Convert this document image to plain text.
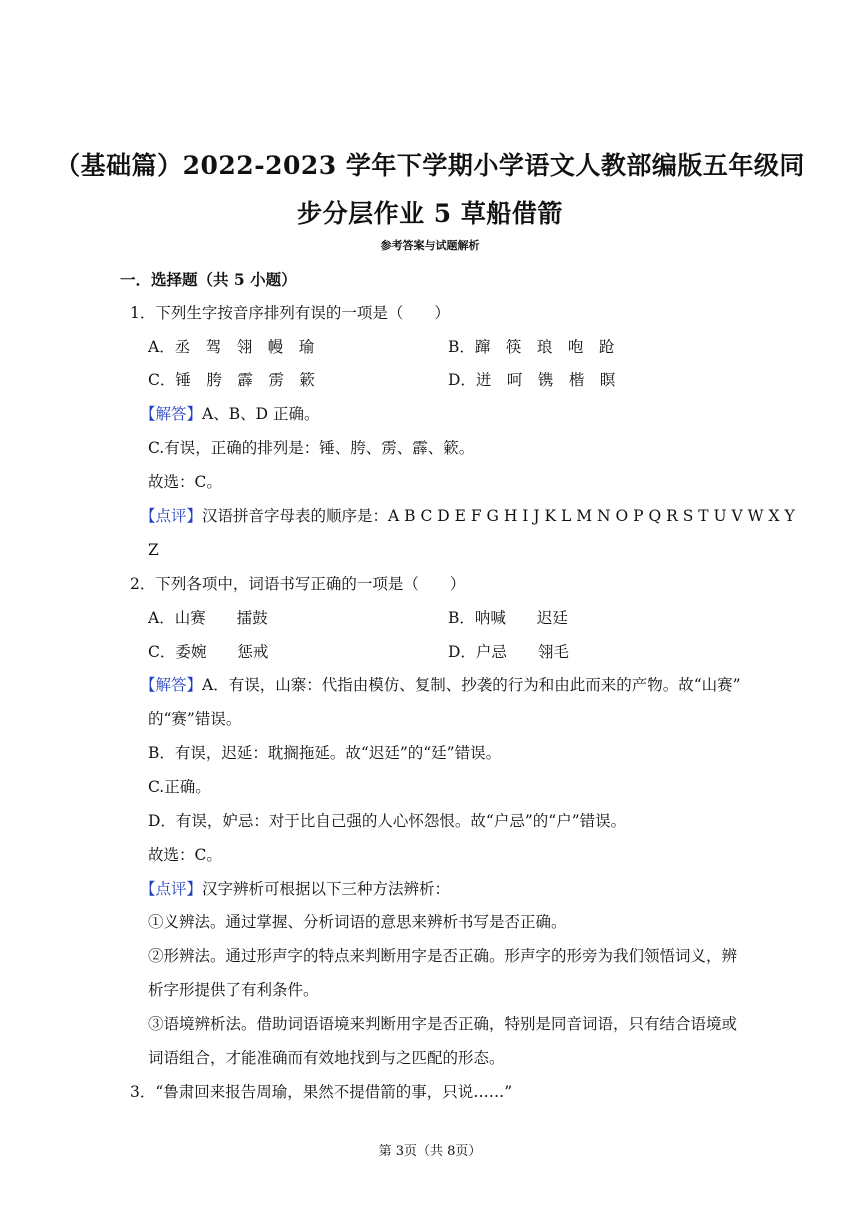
（基础篇）2022-2023 学年下学期小学语文人教部编版五年级同
步分层作业 5 草船借箭
参考答案与试题解析
一．选择题（共 5 小题）
1．下列生字按音序排列有误的一项是（　　）
A．丞　驾　翎　幔　瑜	B．蹿　筷　琅　咆　跄
C．锤　胯　霹　雳　簌	D．迸　呵　镌　楷　瞑
【解答】A、B、D 正确。
C.有误，正确的排列是：锤、胯、雳、霹、簌。
故选：C。
【点评】汉语拼音字母表的顺序是：A B C D E F G H I J K L M N O P Q R S T U V W X Y
Z
2．下列各项中，词语书写正确的一项是（　　）
A．山赛　　擂鼓	B．呐喊　　迟廷
C．委婉　　惩戒	D．户忌　　翎毛
【解答】A．有误，山寨：代指由模仿、复制、抄袭的行为和由此而来的产物。故“山赛”
的“赛”错误。
B．有误，迟延：耽搁拖延。故“迟廷”的“廷”错误。
C.正确。
D．有误，妒忌：对于比自己强的人心怀怨恨。故“户忌”的“户”错误。
故选：C。
【点评】汉字辨析可根据以下三种方法辨析：
①义辨法。通过掌握、分析词语的意思来辨析书写是否正确。
②形辨法。通过形声字的特点来判断用字是否正确。形声字的形旁为我们领悟词义，辨
析字形提供了有利条件。
③语境辨析法。借助词语语境来判断用字是否正确，特别是同音词语，只有结合语境或
词语组合，才能准确而有效地找到与之匹配的形态。
3．“鲁肃回来报告周瑜，果然不提借箭的事，只说……”
第 3页（共 8页）
